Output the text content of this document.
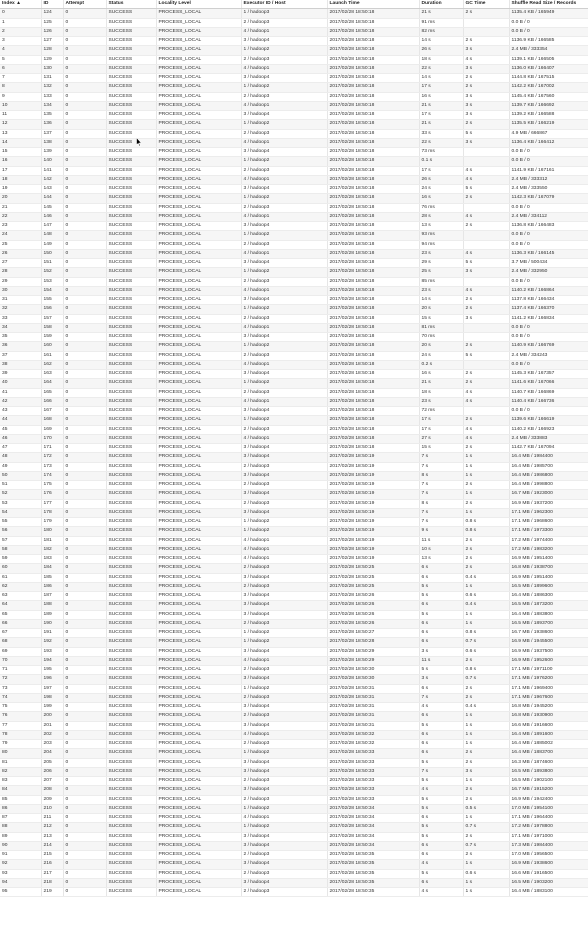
Index ▲	ID	Attempt	Status	Locality Level	Executor ID / Host	Launch Time	Duration	GC Time	Shuffle Read Size / Records
0	124	0	SUCCESS	PROCESS_LOCAL	1 / hadoop3	2017/02/28 18:50:18	21 s	2 s	1135.4 KB / 165949
1	125	0	SUCCESS	PROCESS_LOCAL	2 / hadoop3	2017/02/28 18:50:18	91 ms		0.0 B / 0
2	126	0	SUCCESS	PROCESS_LOCAL	4 / hadoop1	2017/02/28 18:50:18	82 ms		0.0 B / 0
3	127	0	SUCCESS	PROCESS_LOCAL	3 / hadoop4	2017/02/28 18:50:18	14 s	2 s	1136.9 KB / 166585
4	128	0	SUCCESS	PROCESS_LOCAL	1 / hadoop2	2017/02/28 18:50:18	26 s	3 s	2.4 MB / 333354
5	129	0	SUCCESS	PROCESS_LOCAL	2 / hadoop3	2017/02/28 18:50:18	18 s	4 s	1139.1 KB / 166505
6	130	0	SUCCESS	PROCESS_LOCAL	4 / hadoop1	2017/02/28 18:50:18	22 s	3 s	1136.0 KB / 166407
7	131	0	SUCCESS	PROCESS_LOCAL	3 / hadoop4	2017/02/28 18:50:18	14 s	2 s	1144.8 KB / 167515
8	132	0	SUCCESS	PROCESS_LOCAL	1 / hadoop2	2017/02/28 18:50:18	17 s	2 s	1142.2 KB / 167002
9	133	0	SUCCESS	PROCESS_LOCAL	2 / hadoop3	2017/02/28 18:50:18	16 s	3 s	1145.4 KB / 167560
10	134	0	SUCCESS	PROCESS_LOCAL	4 / hadoop1	2017/02/28 18:50:18	21 s	3 s	1139.7 KB / 166692
11	135	0	SUCCESS	PROCESS_LOCAL	3 / hadoop4	2017/02/28 18:50:18	17 s	3 s	1139.2 KB / 166588
12	136	0	SUCCESS	PROCESS_LOCAL	1 / hadoop2	2017/02/28 18:50:18	21 s	2 s	1135.5 KB / 166219
13	137	0	SUCCESS	PROCESS_LOCAL	2 / hadoop3	2017/02/28 18:50:18	33 s	5 s	4.9 MB / 666867
14	138	0	SUCCESS	PROCESS_LOCAL	4 / hadoop1	2017/02/28 18:50:18	22 s	3 s	1136.4 KB / 166412
15	139	0	SUCCESS	PROCESS_LOCAL	3 / hadoop4	2017/02/28 18:50:18	73 ms		0.0 B / 0
16	140	0	SUCCESS	PROCESS_LOCAL	1 / hadoop2	2017/02/28 18:50:18	0.1 s		0.0 B / 0
17	141	0	SUCCESS	PROCESS_LOCAL	2 / hadoop3	2017/02/28 18:50:18	17 s	4 s	1141.9 KB / 167161
18	142	0	SUCCESS	PROCESS_LOCAL	4 / hadoop1	2017/02/28 18:50:18	26 s	4 s	2.4 MB / 333312
19	143	0	SUCCESS	PROCESS_LOCAL	3 / hadoop4	2017/02/28 18:50:18	24 s	5 s	2.4 MB / 333550
20	144	0	SUCCESS	PROCESS_LOCAL	1 / hadoop2	2017/02/28 18:50:18	16 s	2 s	1142.3 KB / 167079
21	145	0	SUCCESS	PROCESS_LOCAL	2 / hadoop3	2017/02/28 18:50:18	76 ms		0.0 B / 0
22	146	0	SUCCESS	PROCESS_LOCAL	4 / hadoop1	2017/02/28 18:50:18	28 s	4 s	2.4 MB / 334112
23	147	0	SUCCESS	PROCESS_LOCAL	3 / hadoop4	2017/02/28 18:50:18	13 s	2 s	1136.8 KB / 166483
24	148	0	SUCCESS	PROCESS_LOCAL	1 / hadoop2	2017/02/28 18:50:18	93 ms		0.0 B / 0
25	149	0	SUCCESS	PROCESS_LOCAL	2 / hadoop3	2017/02/28 18:50:18	94 ms		0.0 B / 0
26	150	0	SUCCESS	PROCESS_LOCAL	4 / hadoop1	2017/02/28 18:50:18	23 s	4 s	1136.3 KB / 166145
27	151	0	SUCCESS	PROCESS_LOCAL	3 / hadoop4	2017/02/28 18:50:18	29 s	5 s	3.7 MB / 500434
28	152	0	SUCCESS	PROCESS_LOCAL	1 / hadoop2	2017/02/28 18:50:18	25 s	3 s	2.4 MB / 332950
29	153	0	SUCCESS	PROCESS_LOCAL	2 / hadoop3	2017/02/28 18:50:18	85 ms		0.0 B / 0
30	154	0	SUCCESS	PROCESS_LOCAL	4 / hadoop1	2017/02/28 18:50:18	23 s	4 s	1140.2 KB / 166864
31	155	0	SUCCESS	PROCESS_LOCAL	3 / hadoop4	2017/02/28 18:50:18	14 s	2 s	1137.8 KB / 166434
32	156	0	SUCCESS	PROCESS_LOCAL	1 / hadoop2	2017/02/28 18:50:18	20 s	2 s	1137.4 KB / 166370
33	157	0	SUCCESS	PROCESS_LOCAL	2 / hadoop3	2017/02/28 18:50:18	15 s	3 s	1141.2 KB / 166834
34	158	0	SUCCESS	PROCESS_LOCAL	4 / hadoop1	2017/02/28 18:50:18	81 ms		0.0 B / 0
35	159	0	SUCCESS	PROCESS_LOCAL	3 / hadoop4	2017/02/28 18:50:18	70 ms		0.0 B / 0
36	160	0	SUCCESS	PROCESS_LOCAL	1 / hadoop2	2017/02/28 18:50:18	20 s	2 s	1140.9 KB / 166769
37	161	0	SUCCESS	PROCESS_LOCAL	2 / hadoop3	2017/02/28 18:50:18	24 s	5 s	2.4 MB / 334243
38	162	0	SUCCESS	PROCESS_LOCAL	4 / hadoop1	2017/02/28 18:50:18	0.2 s		0.0 B / 0
39	163	0	SUCCESS	PROCESS_LOCAL	3 / hadoop4	2017/02/28 18:50:18	16 s	2 s	1145.3 KB / 167357
40	164	0	SUCCESS	PROCESS_LOCAL	1 / hadoop2	2017/02/28 18:50:18	21 s	2 s	1141.6 KB / 167066
41	165	0	SUCCESS	PROCESS_LOCAL	2 / hadoop3	2017/02/28 18:50:18	18 s	4 s	1140.7 KB / 166869
42	166	0	SUCCESS	PROCESS_LOCAL	4 / hadoop1	2017/02/28 18:50:18	23 s	4 s	1140.4 KB / 166736
43	167	0	SUCCESS	PROCESS_LOCAL	3 / hadoop4	2017/02/28 18:50:18	72 ms		0.0 B / 0
44	168	0	SUCCESS	PROCESS_LOCAL	1 / hadoop2	2017/02/28 18:50:18	17 s	2 s	1139.6 KB / 166619
45	169	0	SUCCESS	PROCESS_LOCAL	2 / hadoop3	2017/02/28 18:50:18	17 s	4 s	1140.2 KB / 166923
46	170	0	SUCCESS	PROCESS_LOCAL	4 / hadoop1	2017/02/28 18:50:18	27 s	4 s	2.4 MB / 333883
47	171	0	SUCCESS	PROCESS_LOCAL	3 / hadoop4	2017/02/28 18:50:18	15 s	2 s	1142.7 KB / 167094
48	172	0	SUCCESS	PROCESS_LOCAL	3 / hadoop4	2017/02/28 18:50:19	7 s	1 s	16.4 MB / 1984400
49	173	0	SUCCESS	PROCESS_LOCAL	2 / hadoop3	2017/02/28 18:50:19	7 s	1 s	16.4 MB / 1985700
50	174	0	SUCCESS	PROCESS_LOCAL	3 / hadoop4	2017/02/28 18:50:19	8 s	1 s	16.4 MB / 1986800
51	175	0	SUCCESS	PROCESS_LOCAL	2 / hadoop3	2017/02/28 18:50:19	7 s	2 s	16.4 MB / 1998800
52	176	0	SUCCESS	PROCESS_LOCAL	3 / hadoop4	2017/02/28 18:50:19	7 s	1 s	16.7 MB / 1923000
53	177	0	SUCCESS	PROCESS_LOCAL	2 / hadoop3	2017/02/28 18:50:19	8 s	2 s	16.9 MB / 1937200
54	178	0	SUCCESS	PROCESS_LOCAL	3 / hadoop4	2017/02/28 18:50:19	7 s	1 s	17.1 MB / 1962300
55	179	0	SUCCESS	PROCESS_LOCAL	1 / hadoop2	2017/02/28 18:50:19	7 s	0.8 s	17.1 MB / 1968600
56	180	0	SUCCESS	PROCESS_LOCAL	1 / hadoop2	2017/02/28 18:50:19	9 s	0.8 s	17.1 MB / 1973300
57	181	0	SUCCESS	PROCESS_LOCAL	4 / hadoop1	2017/02/28 18:50:19	11 s	2 s	17.2 MB / 1974400
58	182	0	SUCCESS	PROCESS_LOCAL	4 / hadoop1	2017/02/28 18:50:19	10 s	2 s	17.2 MB / 1983200
59	183	0	SUCCESS	PROCESS_LOCAL	4 / hadoop1	2017/02/28 18:50:19	13 s	2 s	16.9 MB / 1951400
60	184	0	SUCCESS	PROCESS_LOCAL	2 / hadoop3	2017/02/28 18:50:25	6 s	2 s	16.8 MB / 1938700
61	185	0	SUCCESS	PROCESS_LOCAL	3 / hadoop4	2017/02/28 18:50:25	6 s	0.4 s	16.9 MB / 1951400
62	186	0	SUCCESS	PROCESS_LOCAL	2 / hadoop3	2017/02/28 18:50:25	5 s	1 s	16.5 MB / 1899600
63	187	0	SUCCESS	PROCESS_LOCAL	3 / hadoop4	2017/02/28 18:50:26	5 s	0.6 s	16.4 MB / 1886300
64	188	0	SUCCESS	PROCESS_LOCAL	3 / hadoop4	2017/02/28 18:50:26	6 s	0.4 s	16.5 MB / 1873200
65	189	0	SUCCESS	PROCESS_LOCAL	3 / hadoop4	2017/02/28 18:50:26	5 s	1 s	16.4 MB / 1883800
66	190	0	SUCCESS	PROCESS_LOCAL	2 / hadoop3	2017/02/28 18:50:26	6 s	1 s	16.5 MB / 1893700
67	191	0	SUCCESS	PROCESS_LOCAL	1 / hadoop2	2017/02/28 18:50:27	6 s	0.8 s	16.7 MB / 1938600
68	192	0	SUCCESS	PROCESS_LOCAL	1 / hadoop2	2017/02/28 18:50:28	6 s	0.7 s	16.9 MB / 1945500
69	193	0	SUCCESS	PROCESS_LOCAL	3 / hadoop4	2017/02/28 18:50:29	3 s	0.6 s	16.9 MB / 1937500
70	194	0	SUCCESS	PROCESS_LOCAL	4 / hadoop1	2017/02/28 18:50:29	11 s	2 s	16.9 MB / 1952600
71	195	0	SUCCESS	PROCESS_LOCAL	2 / hadoop3	2017/02/28 18:50:30	5 s	0.8 s	17.1 MB / 1971100
72	196	0	SUCCESS	PROCESS_LOCAL	3 / hadoop4	2017/02/28 18:50:30	3 s	0.7 s	17.1 MB / 1976200
73	197	0	SUCCESS	PROCESS_LOCAL	1 / hadoop2	2017/02/28 18:50:31	6 s	2 s	17.1 MB / 1969400
74	198	0	SUCCESS	PROCESS_LOCAL	2 / hadoop3	2017/02/28 18:50:31	7 s	2 s	17.1 MB / 1967600
75	199	0	SUCCESS	PROCESS_LOCAL	3 / hadoop4	2017/02/28 18:50:31	4 s	0.4 s	16.8 MB / 1945200
76	200	0	SUCCESS	PROCESS_LOCAL	2 / hadoop3	2017/02/28 18:50:31	6 s	1 s	16.8 MB / 1930900
77	201	0	SUCCESS	PROCESS_LOCAL	3 / hadoop4	2017/02/28 18:50:31	5 s	1 s	16.6 MB / 1916600
78	202	0	SUCCESS	PROCESS_LOCAL	4 / hadoop1	2017/02/28 18:50:32	6 s	1 s	16.4 MB / 1891600
79	203	0	SUCCESS	PROCESS_LOCAL	2 / hadoop3	2017/02/28 18:50:32	6 s	1 s	16.4 MB / 1885002
80	204	0	SUCCESS	PROCESS_LOCAL	1 / hadoop2	2017/02/28 18:50:33	6 s	2 s	16.4 MB / 1883700
81	205	0	SUCCESS	PROCESS_LOCAL	3 / hadoop4	2017/02/28 18:50:33	5 s	2 s	16.3 MB / 1874600
82	206	0	SUCCESS	PROCESS_LOCAL	3 / hadoop4	2017/02/28 18:50:33	7 s	3 s	16.5 MB / 1893800
83	207	0	SUCCESS	PROCESS_LOCAL	2 / hadoop3	2017/02/28 18:50:33	5 s	1 s	16.5 MB / 1902100
84	208	0	SUCCESS	PROCESS_LOCAL	3 / hadoop4	2017/02/28 18:50:33	4 s	2 s	16.7 MB / 1915200
85	209	0	SUCCESS	PROCESS_LOCAL	2 / hadoop3	2017/02/28 18:50:33	5 s	2 s	16.9 MB / 1942400
86	210	0	SUCCESS	PROCESS_LOCAL	1 / hadoop2	2017/02/28 18:50:34	5 s	0.5 s	17.0 MB / 1954100
87	211	0	SUCCESS	PROCESS_LOCAL	4 / hadoop1	2017/02/28 18:50:34	6 s	1 s	17.1 MB / 1964400
88	212	0	SUCCESS	PROCESS_LOCAL	1 / hadoop2	2017/02/28 18:50:34	5 s	0.7 s	17.2 MB / 1978800
89	213	0	SUCCESS	PROCESS_LOCAL	3 / hadoop4	2017/02/28 18:50:34	5 s	2 s	17.1 MB / 1971000
90	214	0	SUCCESS	PROCESS_LOCAL	3 / hadoop4	2017/02/28 18:50:34	6 s	0.7 s	17.3 MB / 1984400
91	215	0	SUCCESS	PROCESS_LOCAL	2 / hadoop3	2017/02/28 18:50:35	6 s	2 s	17.0 MB / 1956500
92	216	0	SUCCESS	PROCESS_LOCAL	3 / hadoop4	2017/02/28 18:50:35	4 s	1 s	16.9 MB / 1938600
93	217	0	SUCCESS	PROCESS_LOCAL	2 / hadoop3	2017/02/28 18:50:35	5 s	0.6 s	16.6 MB / 1916500
94	218	0	SUCCESS	PROCESS_LOCAL	3 / hadoop4	2017/02/28 18:50:35	6 s	1 s	16.5 MB / 1903200
95	219	0	SUCCESS	PROCESS_LOCAL	2 / hadoop3	2017/02/28 18:50:35	4 s	1 s	16.4 MB / 1883100
